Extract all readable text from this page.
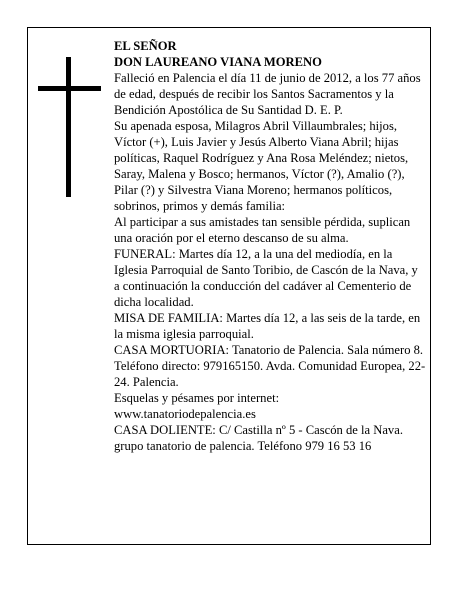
EL SEÑOR

DON LAUREANO VIANA MORENO

Falleció en Palencia el día 11 de junio de 2012, a los 77 años de edad, después de recibir los Santos Sacramentos y la Bendición Apostólica de Su Santidad D. E. P.

Su apenada esposa, Milagros Abril Villaumbrales; hijos, Víctor (+), Luis Javier y Jesús Alberto Viana Abril; hijas políticas, Raquel Rodríguez y Ana Rosa Meléndez; nietos, Saray, Malena y Bosco; hermanos, Víctor (?), Amalio (?), Pilar (?) y Silvestra Viana Moreno; hermanos políticos, sobrinos, primos y demás familia:

Al participar a sus amistades tan sensible pérdida, suplican una oración por el eterno descanso de su alma.

FUNERAL: Martes día 12, a la una del mediodía, en la Iglesia Parroquial de Santo Toribio, de Cascón de la Nava, y a continuación la conducción del cadáver al Cementerio de dicha localidad.

MISA DE FAMILIA: Martes día 12, a las seis de la tarde, en la misma iglesia parroquial.

CASA MORTUORIA: Tanatorio de Palencia. Sala número 8. Teléfono directo: 979165150. Avda. Comunidad Europea, 22-24. Palencia.

Esquelas y pésames por internet:

www.tanatoriodepalencia.es

CASA DOLIENTE: C/ Castilla nº 5 - Cascón de la Nava.

grupo tanatorio de palencia. Teléfono 979 16 53 16
